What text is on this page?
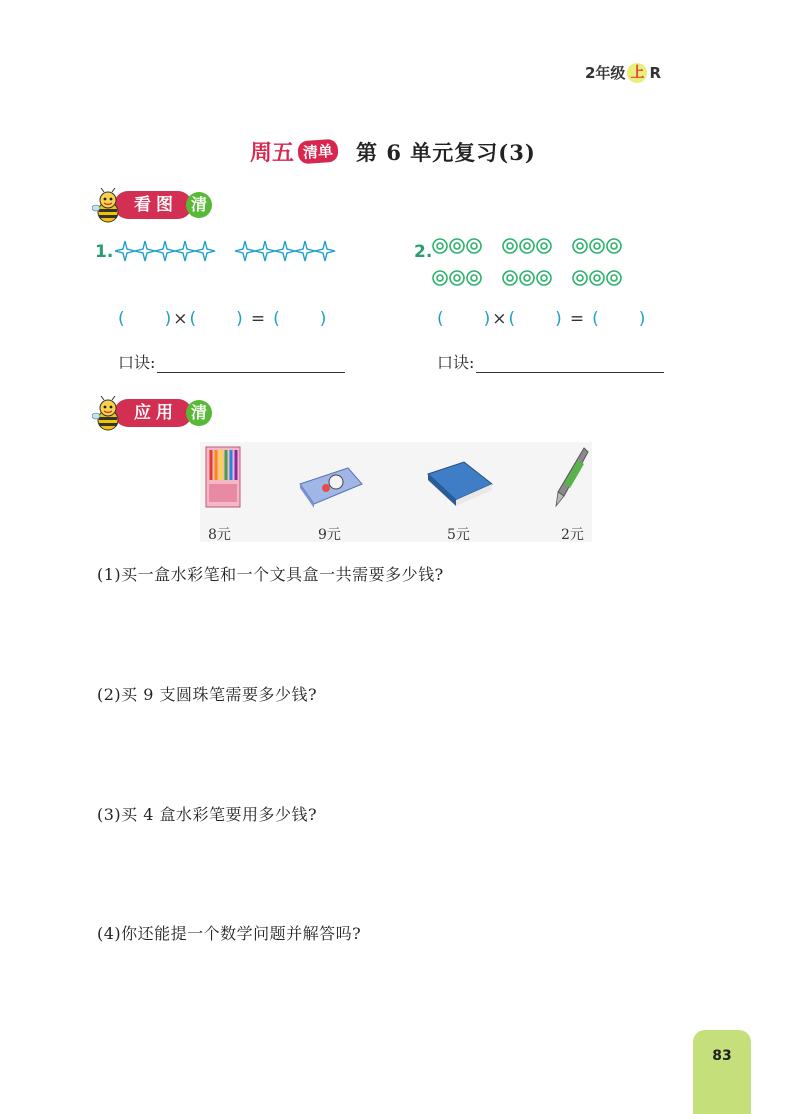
2年级 上 R
周五 清单 第 6 单元复习(3)
看图 清
1.
( ) × ( ) = ( )
口诀:
2.
( ) × ( ) = ( )
口诀:
应用 清
8元	9元	5元	2元
(1)买一盒水彩笔和一个文具盒一共需要多少钱?
(2)买 9 支圆珠笔需要多少钱?
(3)买 4 盒水彩笔要用多少钱?
(4)你还能提一个数学问题并解答吗?
83
